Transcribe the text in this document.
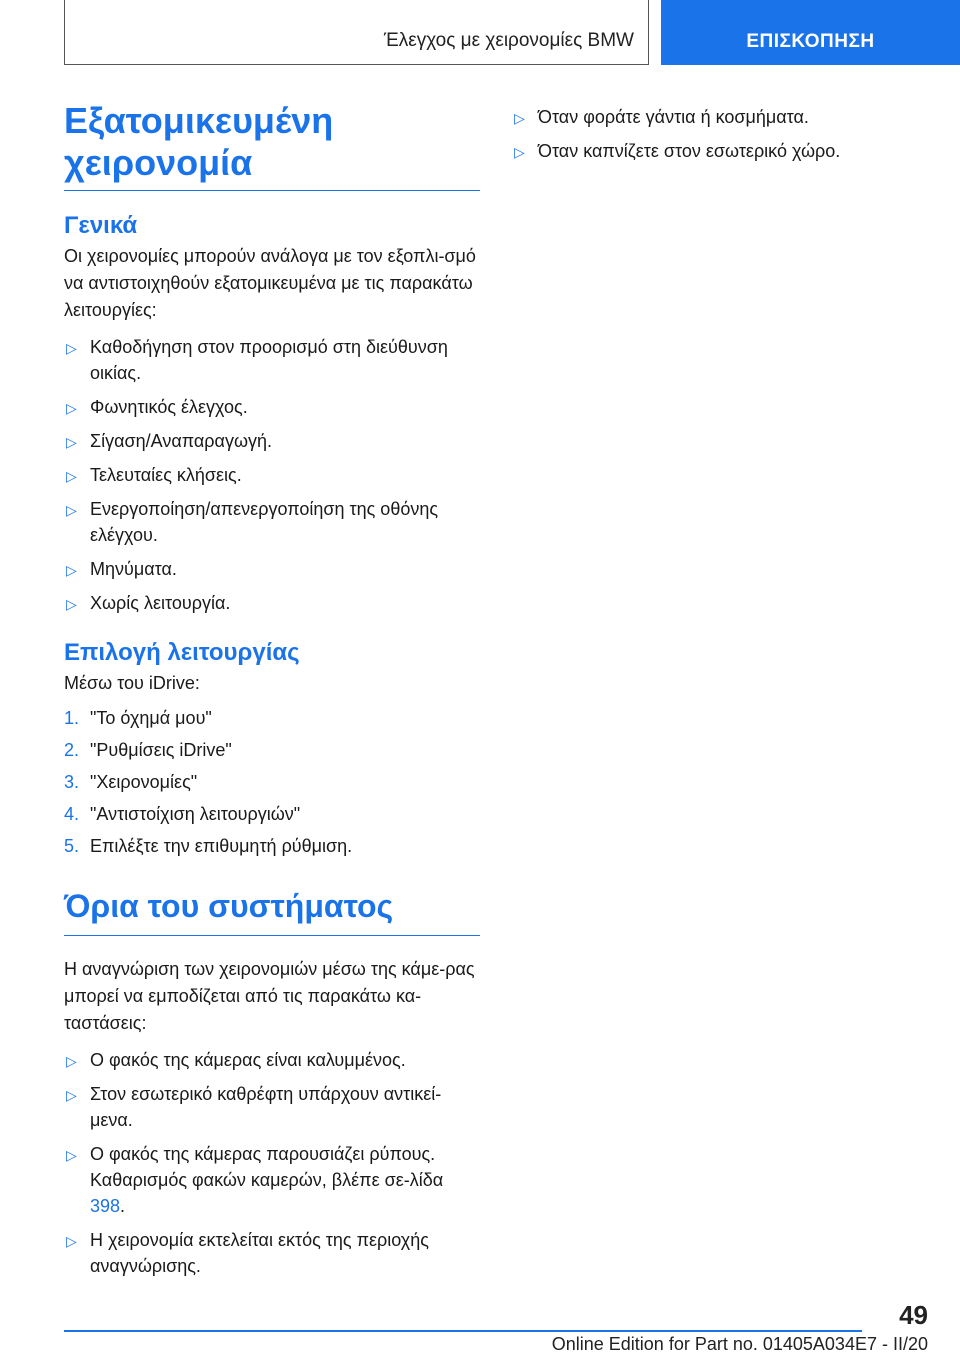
Έλεγχος με χειρονομίες BMW	ΕΠΙΣΚΟΠΗΣΗ
Εξατομικευμένη χειρονομία
Γενικά
Οι χειρονομίες μπορούν ανάλογα με τον εξοπλι-σμό να αντιστοιχηθούν εξατομικευμένα με τις παρακάτω λειτουργίες:
▷ Καθοδήγηση στον προορισμό στη διεύθυνση οικίας.
▷ Φωνητικός έλεγχος.
▷ Σίγαση/Αναπαραγωγή.
▷ Τελευταίες κλήσεις.
▷ Ενεργοποίηση/απενεργοποίηση της οθόνης ελέγχου.
▷ Μηνύματα.
▷ Χωρίς λειτουργία.
Επιλογή λειτουργίας
Μέσω του iDrive:
1. "Το όχημά μου"
2. "Ρυθμίσεις iDrive"
3. "Χειρονομίες"
4. "Αντιστοίχιση λειτουργιών"
5. Επιλέξτε την επιθυμητή ρύθμιση.
Όρια του συστήματος
Η αναγνώριση των χειρονομιών μέσω της κάμε-ρας μπορεί να εμποδίζεται από τις παρακάτω κα-ταστάσεις:
▷ Ο φακός της κάμερας είναι καλυμμένος.
▷ Στον εσωτερικό καθρέφτη υπάρχουν αντικεί-μενα.
▷ Ο φακός της κάμερας παρουσιάζει ρύπους. Καθαρισμός φακών καμερών, βλέπε σε-λίδα 398.
▷ Η χειρονομία εκτελείται εκτός της περιοχής αναγνώρισης.
▷ Όταν φοράτε γάντια ή κοσμήματα.
▷ Όταν καπνίζετε στον εσωτερικό χώρο.
49
Online Edition for Part no. 01405A034E7 - II/20
